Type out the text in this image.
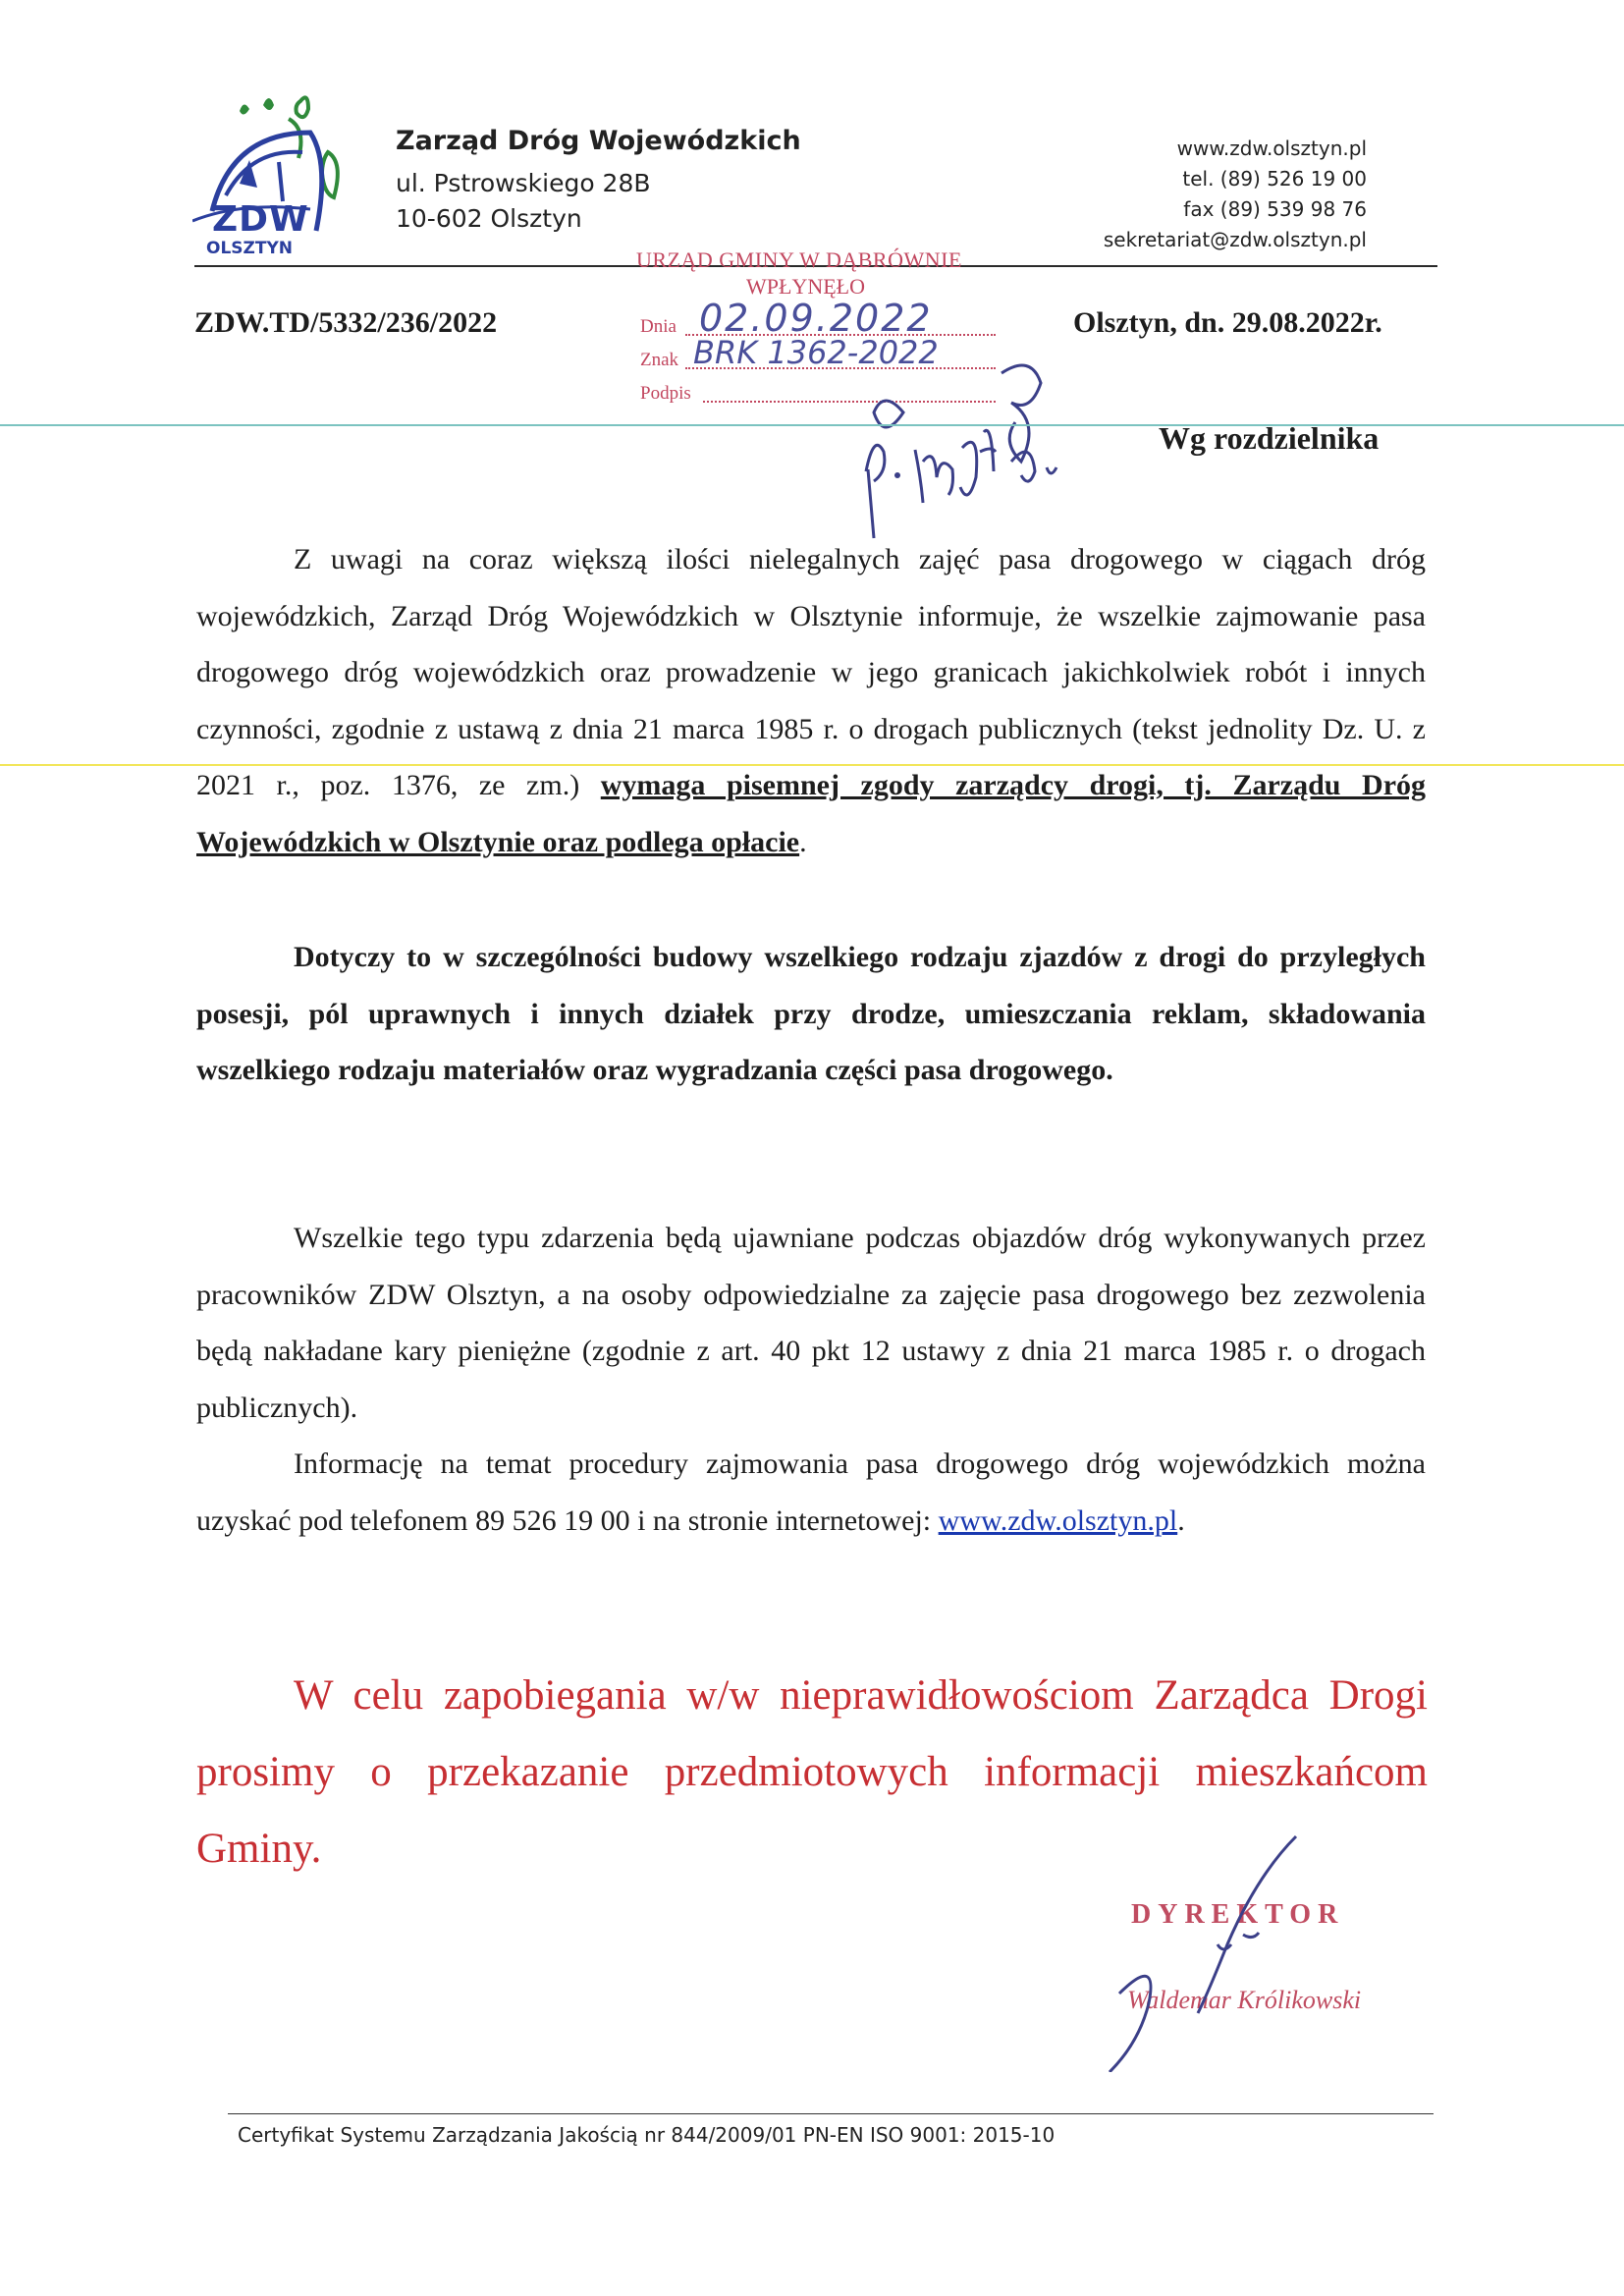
ZDW
OLSZTYN
Zarząd Dróg Wojewódzkich
ul. Pstrowskiego 28B
10-602 Olsztyn
www.zdw.olsztyn.pl
tel. (89) 526 19 00
fax (89) 539 98 76
sekretariat@zdw.olsztyn.pl
URZĄD GMINY W DĄBRÓWNIE
WPŁYNĘŁO
Dnia 02.09.2022
Znak BRK 1362-2022
Podpis
ZDW.TD/5332/236/2022	Olsztyn, dn. 29.08.2022r.
Wg rozdzielnika
Z uwagi na coraz większą ilości nielegalnych zajęć pasa drogowego w ciągach dróg wojewódzkich, Zarząd Dróg Wojewódzkich w Olsztynie informuje, że wszelkie zajmowanie pasa drogowego dróg wojewódzkich oraz prowadzenie w jego granicach jakichkolwiek robót i innych czynności, zgodnie z ustawą z dnia 21 marca 1985 r. o drogach publicznych (tekst jednolity Dz. U. z 2021 r., poz. 1376, ze zm.) wymaga pisemnej zgody zarządcy drogi, tj. Zarządu Dróg Wojewódzkich w Olsztynie oraz podlega opłacie.
Dotyczy to w szczególności budowy wszelkiego rodzaju zjazdów z drogi do przyległych posesji, pól uprawnych i innych działek przy drodze, umieszczania reklam, składowania wszelkiego rodzaju materiałów oraz wygradzania części pasa drogowego.
Wszelkie tego typu zdarzenia będą ujawniane podczas objazdów dróg wykonywanych przez pracowników ZDW Olsztyn, a na osoby odpowiedzialne za zajęcie pasa drogowego bez zezwolenia będą nakładane kary pieniężne (zgodnie z art. 40 pkt 12 ustawy z dnia 21 marca 1985 r. o drogach publicznych).
Informację na temat procedury zajmowania pasa drogowego dróg wojewódzkich można uzyskać pod telefonem 89 526 19 00 i na stronie internetowej: www.zdw.olsztyn.pl.
W celu zapobiegania w/w nieprawidłowościom Zarządca Drogi prosimy o przekazanie przedmiotowych informacji mieszkańcom Gminy.
DYREKTOR
Waldemar Królikowski
Certyfikat Systemu Zarządzania Jakością nr 844/2009/01 PN-EN ISO 9001: 2015-10
